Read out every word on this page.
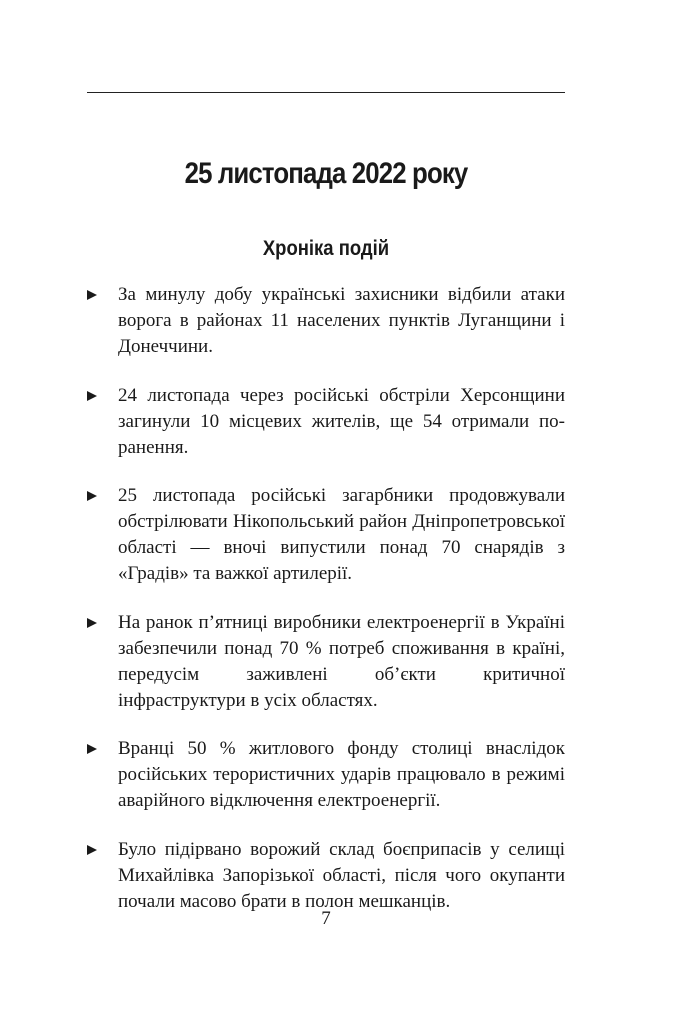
25 листопада 2022 року
Хроніка подій
За минулу добу українські захисники відбили атаки ворога в районах 11 населених пунктів Луганщини і Донеччини.
24 листопада через російські обстріли Херсонщини загинули 10 місцевих жителів, ще 54 отримали поранення.
25 листопада російські загарбники продовжували обстрілювати Нікопольський район Дніпропетровської області — вночі випустили понад 70 снарядів з «Градів» та важкої артилерії.
На ранок п’ятниці виробники електроенергії в Україні забезпечили понад 70 % потреб споживання в країні, передусім заживлені об’єкти критичної інфраструктури в усіх областях.
Вранці 50 % житлового фонду столиці внаслідок російських терористичних ударів працювало в режимі аварійного відключення електроенергії.
Було підірвано ворожий склад боєприпасів у селищі Михайлівка Запорізької області, після чого окупанти почали масово брати в полон мешканців.
7
